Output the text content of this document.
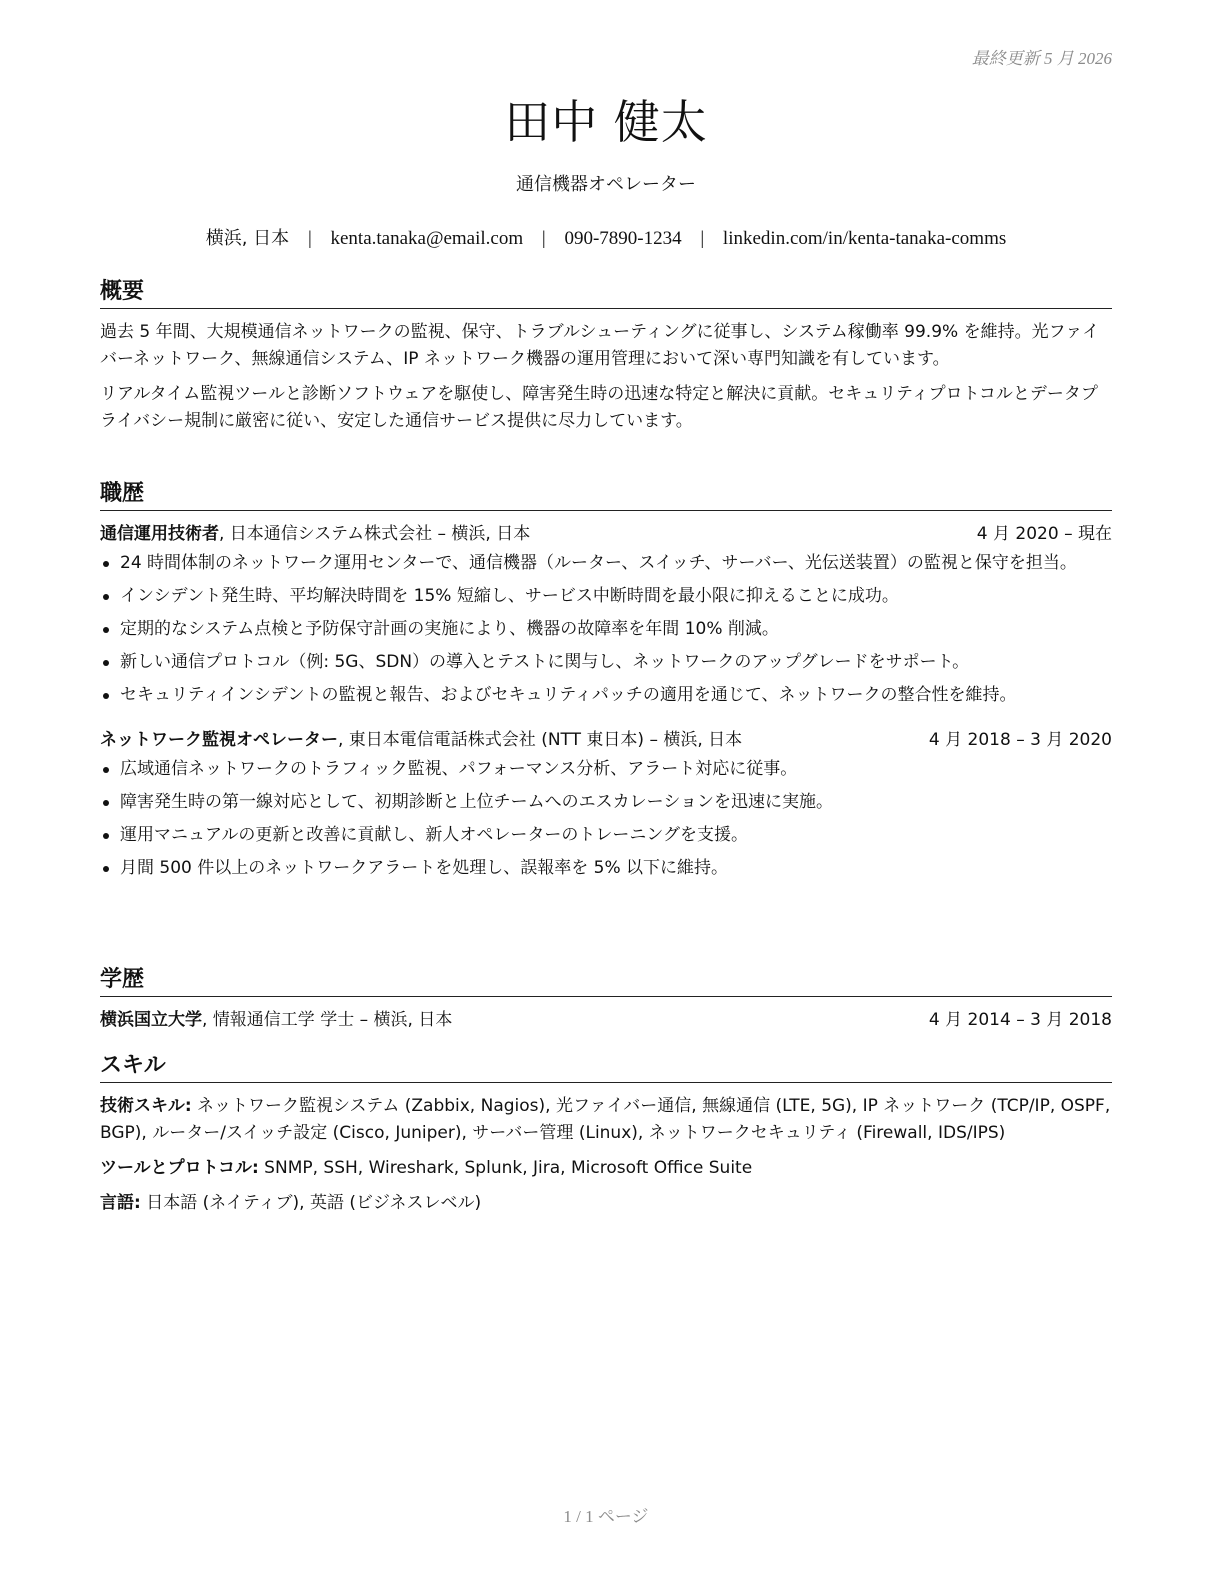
最終更新 5 月 2026
田中 健太
通信機器オペレーター
横浜, 日本 | kenta.tanaka@email.com | 090-7890-1234 | linkedin.com/in/kenta-tanaka-comms
概要

過去 5 年間、大規模通信ネットワークの監視、保守、トラブルシューティングに従事し、システム稼働率 99.9% を維持。光ファイバーネットワーク、無線通信システム、IP ネットワーク機器の運用管理において深い専門知識を有しています。

リアルタイム監視ツールと診断ソフトウェアを駆使し、障害発生時の迅速な特定と解決に貢献。セキュリティプロトコルとデータプライバシー規制に厳密に従い、安定した通信サービス提供に尽力しています。

職歴
通信運用技術者, 日本通信システム株式会社 – 横浜, 日本	4 月 2020 – 現在
24 時間体制のネットワーク運用センターで、通信機器（ルーター、スイッチ、サーバー、光伝送装置）の監視と保守を担当。
インシデント発生時、平均解決時間を 15% 短縮し、サービス中断時間を最小限に抑えることに成功。
定期的なシステム点検と予防保守計画の実施により、機器の故障率を年間 10% 削減。
新しい通信プロトコル（例: 5G、SDN）の導入とテストに関与し、ネットワークのアップグレードをサポート。
セキュリティインシデントの監視と報告、およびセキュリティパッチの適用を通じて、ネットワークの整合性を維持。
ネットワーク監視オペレーター, 東日本電信電話株式会社 (NTT 東日本) – 横浜, 日本	4 月 2018 – 3 月 2020
広域通信ネットワークのトラフィック監視、パフォーマンス分析、アラート対応に従事。
障害発生時の第一線対応として、初期診断と上位チームへのエスカレーションを迅速に実施。
運用マニュアルの更新と改善に貢献し、新人オペレーターのトレーニングを支援。
月間 500 件以上のネットワークアラートを処理し、誤報率を 5% 以下に維持。
学歴
横浜国立大学, 情報通信工学 学士 – 横浜, 日本	4 月 2014 – 3 月 2018
スキル

技術スキル: ネットワーク監視システム (Zabbix, Nagios), 光ファイバー通信, 無線通信 (LTE, 5G), IP ネットワーク (TCP/IP, OSPF, BGP), ルーター/スイッチ設定 (Cisco, Juniper), サーバー管理 (Linux), ネットワークセキュリティ (Firewall, IDS/IPS)

ツールとプロトコル: SNMP, SSH, Wireshark, Splunk, Jira, Microsoft Office Suite

言語: 日本語 (ネイティブ), 英語 (ビジネスレベル)

1 / 1 ページ
